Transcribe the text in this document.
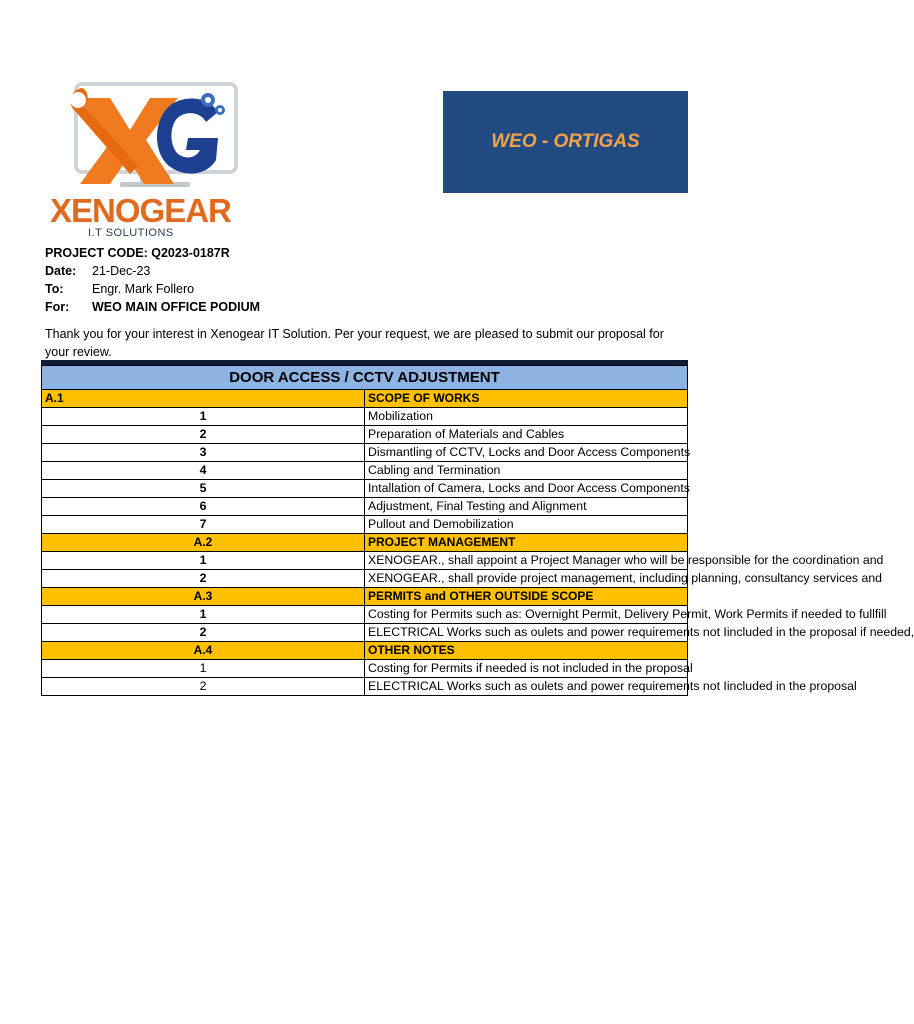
XENOGEAR
I.T SOLUTIONS
WEO - ORTIGAS
PROJECT CODE: Q2023-0187R
Date:	21-Dec-23
To:	Engr. Mark Follero
For:	WEO MAIN OFFICE PODIUM
Thank you for your interest in Xenogear IT Solution. Per your request, we are pleased to submit our proposal for your review.
DOOR ACCESS / CCTV ADJUSTMENT	
A.1	SCOPE OF WORKS
1	Mobilization
2	Preparation of Materials and Cables
3	Dismantling of CCTV, Locks and Door Access Components
4	Cabling and Termination
5	Intallation of Camera, Locks and Door Access Components
6	Adjustment, Final Testing and Alignment
7	Pullout and Demobilization
A.2	PROJECT MANAGEMENT
1	XENOGEAR., shall appoint a Project Manager who will be responsible for the coordination and
2	XENOGEAR., shall provide project management, including planning, consultancy services and
A.3	PERMITS and OTHER OUTSIDE SCOPE
1	Costing for Permits such as: Overnight Permit, Delivery Permit, Work Permits if needed to fullfill
2	ELECTRICAL Works such as oulets and power requirements not Iincluded in the proposal if needed,
A.4	OTHER NOTES
1	Costing for Permits if needed is not included in the proposal
2	ELECTRICAL Works such as oulets and power requirements not Iincluded in the proposal
